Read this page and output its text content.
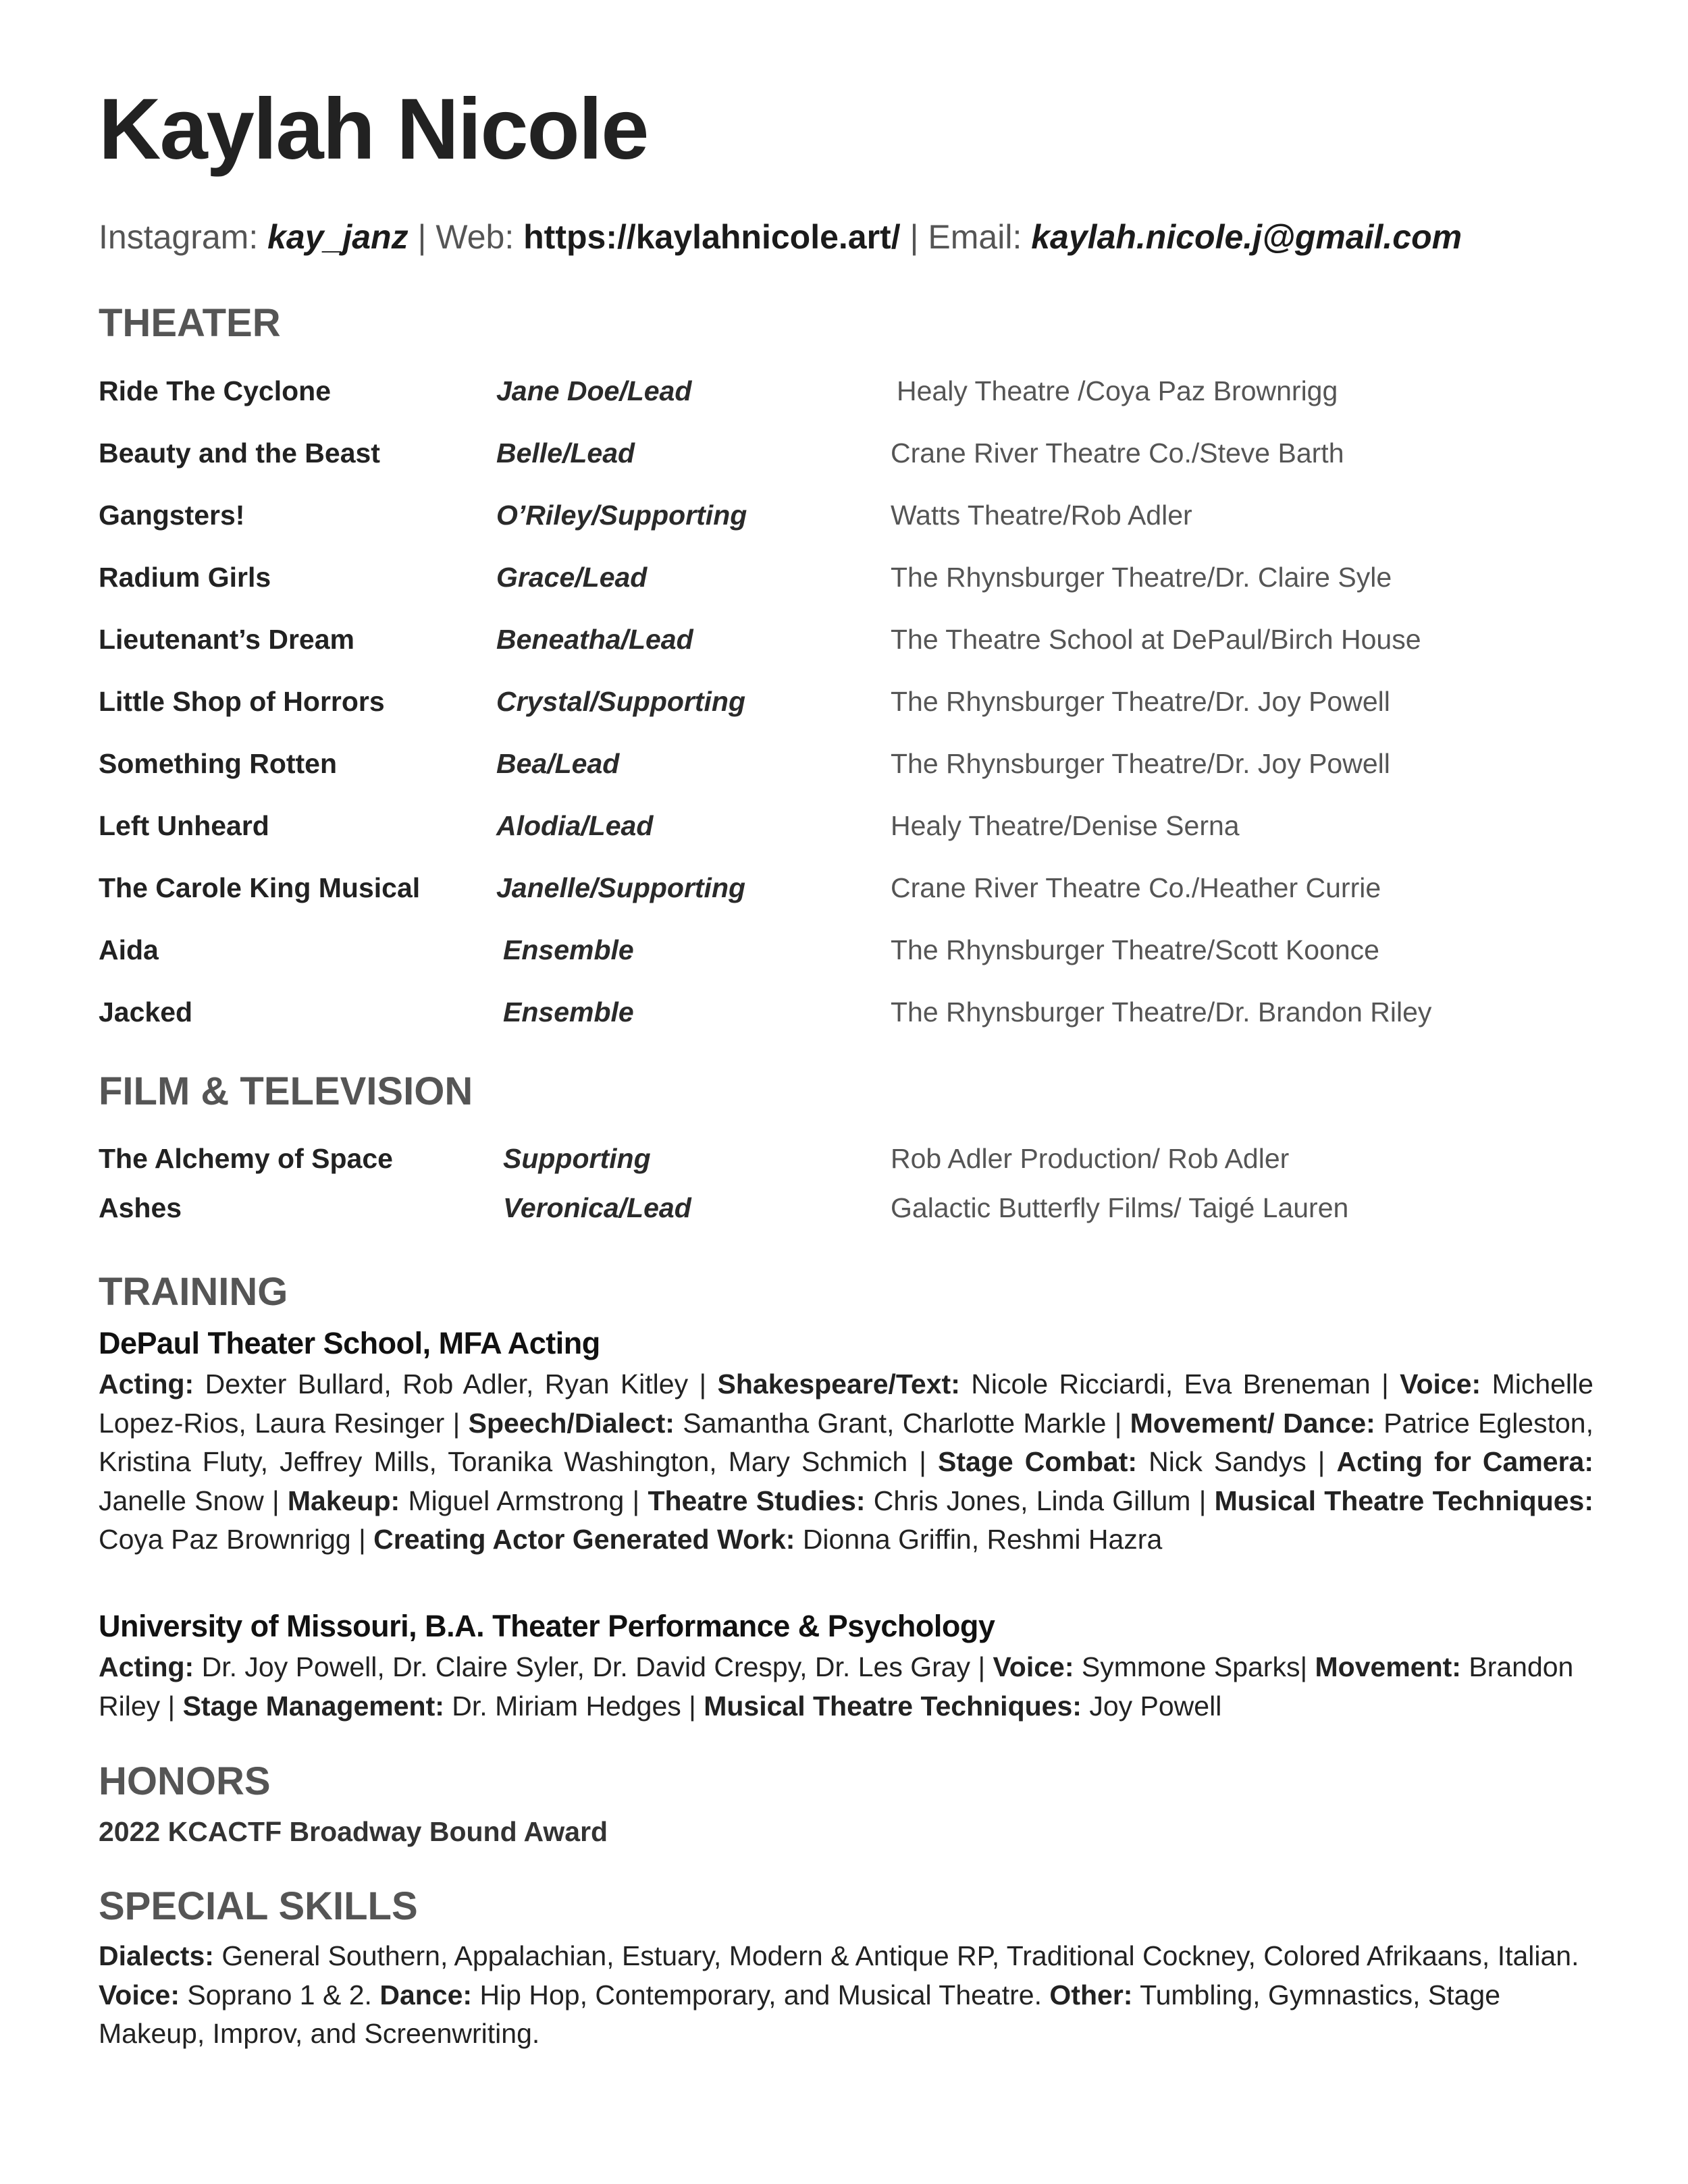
Kaylah Nicole

Instagram: kay_janz | Web: https://kaylahnicole.art/ | Email: kaylah.nicole.j@gmail.com

THEATER
Ride The Cyclone	Jane Doe/Lead	Healy Theatre /Coya Paz Brownrigg
Beauty and the Beast	Belle/Lead	Crane River Theatre Co./Steve Barth
Gangsters!	O’Riley/Supporting	Watts Theatre/Rob Adler
Radium Girls	Grace/Lead	The Rhynsburger Theatre/Dr. Claire Syle
Lieutenant’s Dream	Beneatha/Lead	The Theatre School at DePaul/Birch House
Little Shop of Horrors	Crystal/Supporting	The Rhynsburger Theatre/Dr. Joy Powell
Something Rotten	Bea/Lead	The Rhynsburger Theatre/Dr. Joy Powell
Left Unheard	Alodia/Lead	Healy Theatre/Denise Serna
The Carole King Musical	Janelle/Supporting	Crane River Theatre Co./Heather Currie
Aida	Ensemble	The Rhynsburger Theatre/Scott Koonce
Jacked	Ensemble	The Rhynsburger Theatre/Dr. Brandon Riley
FILM & TELEVISION
The Alchemy of Space	Supporting	Rob Adler Production/ Rob Adler
Ashes	Veronica/Lead	Galactic Butterfly Films/ Taigé Lauren
TRAINING
DePaul Theater School, MFA Acting

Acting: Dexter Bullard, Rob Adler, Ryan Kitley | Shakespeare/Text: Nicole Ricciardi, Eva Breneman | Voice: Michelle Lopez-Rios, Laura Resinger | Speech/Dialect: Samantha Grant, Charlotte Markle | Movement/ Dance: Patrice Egleston, Kristina Fluty, Jeffrey Mills, Toranika Washington, Mary Schmich | Stage Combat: Nick Sandys | Acting for Camera: Janelle Snow | Makeup: Miguel Armstrong | Theatre Studies: Chris Jones, Linda Gillum | Musical Theatre Techniques: Coya Paz Brownrigg | Creating Actor Generated Work: Dionna Griffin, Reshmi Hazra

University of Missouri, B.A. Theater Performance & Psychology

Acting: Dr. Joy Powell, Dr. Claire Syler, Dr. David Crespy, Dr. Les Gray | Voice: Symmone Sparks| Movement: Brandon Riley | Stage Management: Dr. Miriam Hedges | Musical Theatre Techniques: Joy Powell

HONORS

2022 KCACTF Broadway Bound Award

SPECIAL SKILLS

Dialects: General Southern, Appalachian, Estuary, Modern & Antique RP, Traditional Cockney, Colored Afrikaans, Italian. Voice: Soprano 1 & 2. Dance: Hip Hop, Contemporary, and Musical Theatre. Other: Tumbling, Gymnastics, Stage Makeup, Improv, and Screenwriting.
